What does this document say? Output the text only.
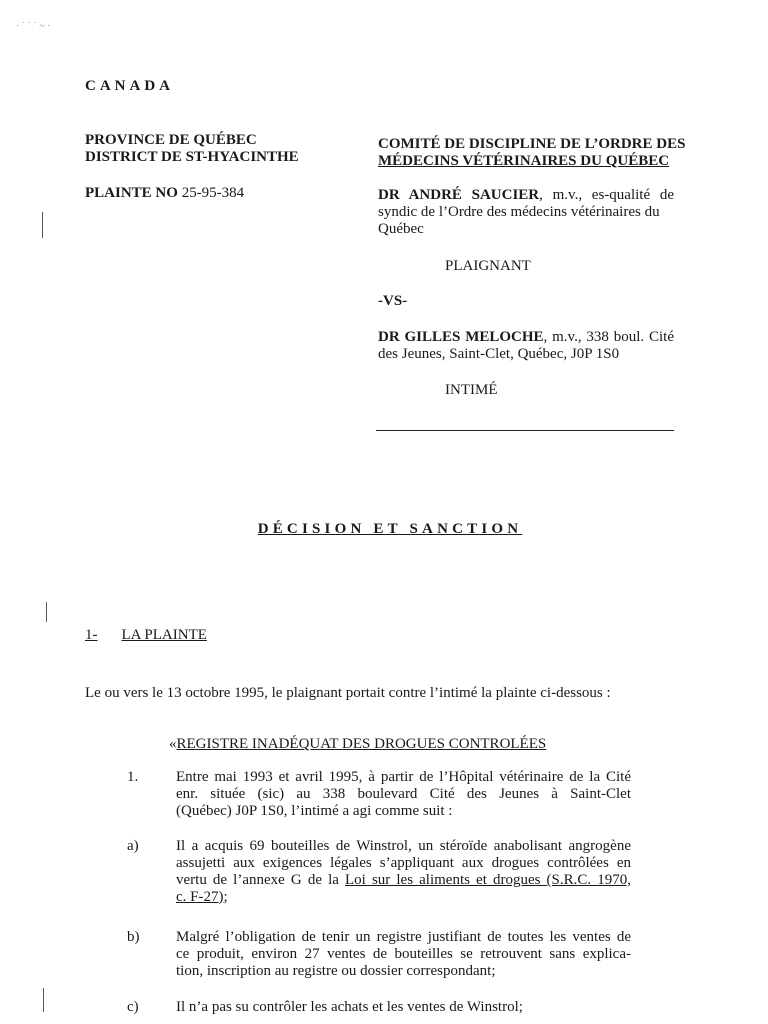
· ˙ ˙ ˙ ~ ·
CANADA
PROVINCE DE QUÉBEC
DISTRICT DE ST-HYACINTHE
PLAINTE NO 25-95-384
COMITÉ DE DISCIPLINE DE L’ORDRE DES
MÉDECINS VÉTÉRINAIRES DU QUÉBEC
DR ANDRÉ SAUCIER, m.v., es-qualité de
syndic de l’Ordre des médecins vétérinaires du
Québec
PLAIGNANT
-VS-
DR GILLES MELOCHE, m.v., 338 boul. Cité
des Jeunes, Saint-Clet, Québec, J0P 1S0
INTIMÉ
DÉCISION ET SANCTION
1- LA PLAINTE
Le ou vers le 13 octobre 1995, le plaignant portait contre l’intimé la plainte ci-dessous :
«REGISTRE INADÉQUAT DES DROGUES CONTROLÉES
1.	Entre mai 1993 et avril 1995, à partir de l’Hôpital vétérinaire de la Cité
enr. située (sic) au 338 boulevard Cité des Jeunes à Saint-Clet
(Québec) J0P 1S0, l’intimé a agi comme suit :
a) Il a acquis 69 bouteilles de Winstrol, un stéroïde anabolisant angrogène
assujetti aux exigences légales s’appliquant aux drogues contrôlées en
vertu de l’annexe G de la Loi sur les aliments et drogues (S.R.C. 1970,
c. F-27);
b) Malgré l’obligation de tenir un registre justifiant de toutes les ventes de
ce produit, environ 27 ventes de bouteilles se retrouvent sans explica-
tion, inscription au registre ou dossier correspondant;
c) Il n’a pas su contrôler les achats et les ventes de Winstrol;
